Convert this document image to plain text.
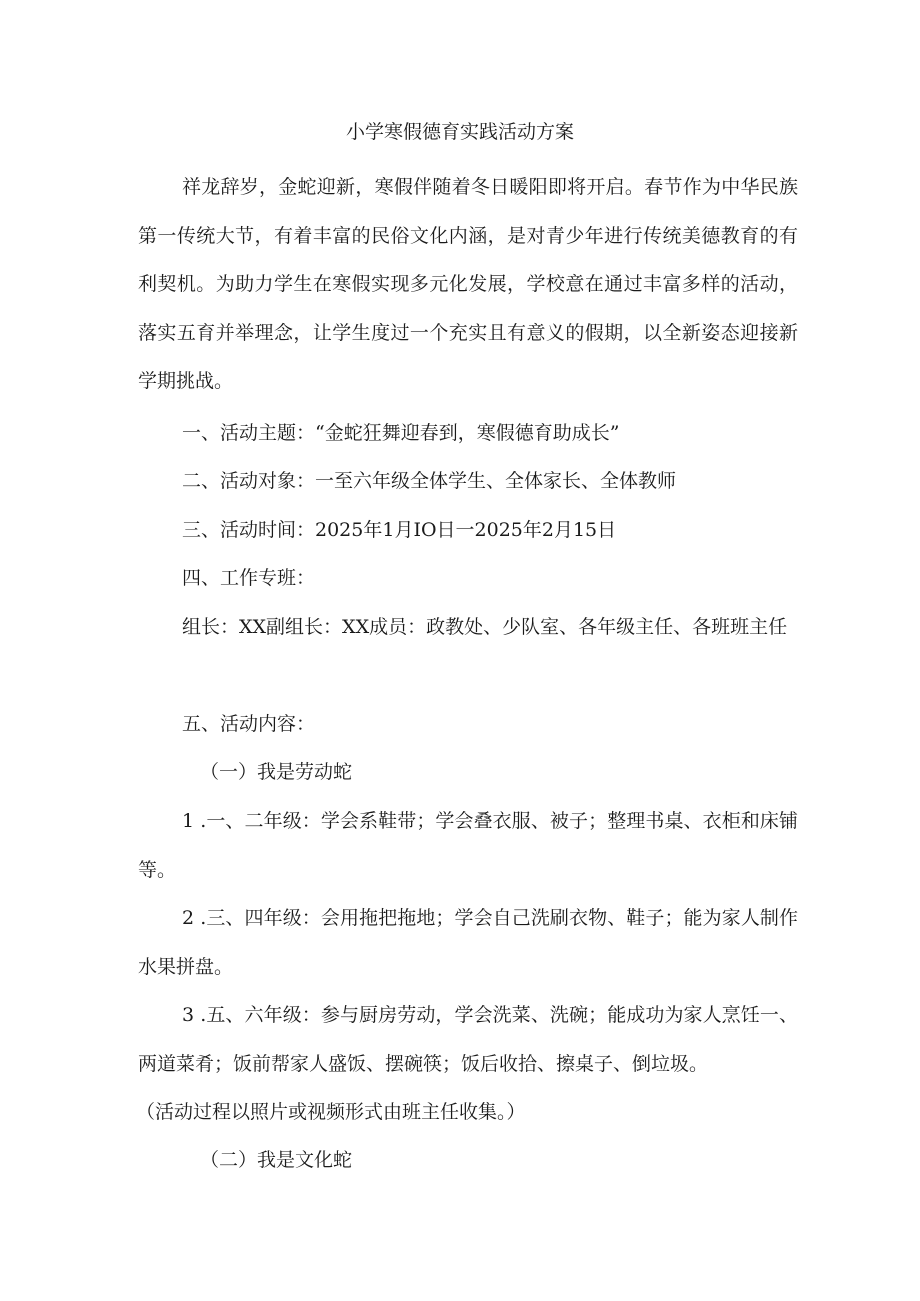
小学寒假德育实践活动方案

祥龙辞岁，金蛇迎新，寒假伴随着冬日暖阳即将开启。春节作为中华民族第一传统大节，有着丰富的民俗文化内涵，是对青少年进行传统美德教育的有利契机。为助力学生在寒假实现多元化发展，学校意在通过丰富多样的活动，落实五育并举理念，让学生度过一个充实且有意义的假期，以全新姿态迎接新学期挑战。

一、活动主题：“金蛇狂舞迎春到，寒假德育助成长”

二、活动对象：一至六年级全体学生、全体家长、全体教师

三、活动时间：2025年1月IO日一2025年2月15日

四、工作专班：

组长：XX副组长：XX成员：政教处、少队室、各年级主任、各班班主任

五、活动内容：

（一）我是劳动蛇

1 .一、二年级：学会系鞋带；学会叠衣服、被子；整理书桌、衣柜和床铺等。

2 .三、四年级：会用拖把拖地；学会自己洗刷衣物、鞋子；能为家人制作水果拼盘。

3 .五、六年级：参与厨房劳动，学会洗菜、洗碗；能成功为家人烹饪一、两道菜肴；饭前帮家人盛饭、摆碗筷；饭后收拾、擦桌子、倒垃圾。

（活动过程以照片或视频形式由班主任收集。）

（二）我是文化蛇
